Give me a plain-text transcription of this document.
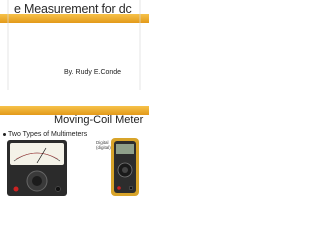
e Measurement for dc
By. Rudy E.Conde
Moving-Coil Meter
Two Types of Multimeters
Digital
(digital)
